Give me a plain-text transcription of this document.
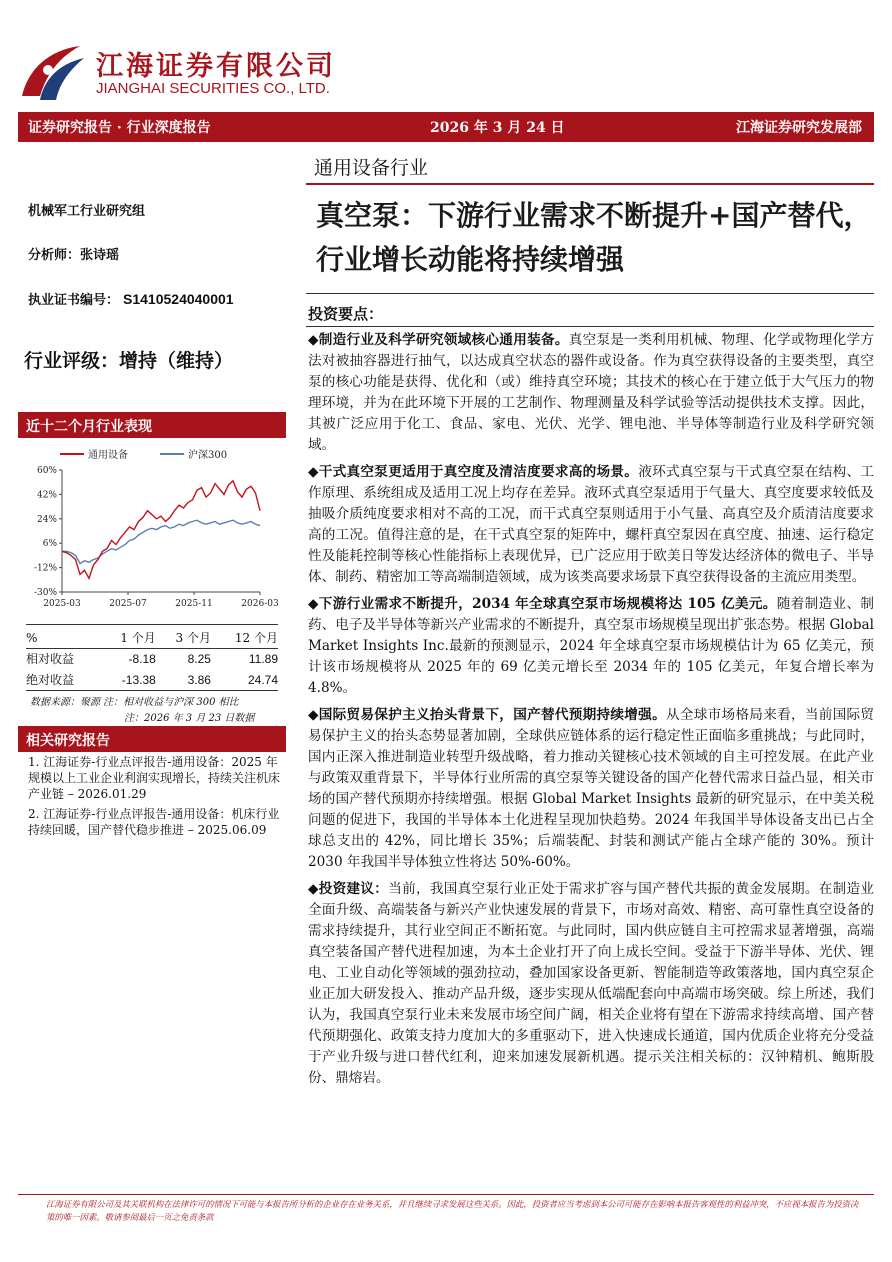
江海证券有限公司
JIANGHAI SECURITIES CO., LTD.
证券研究报告 · 行业深度报告	2026 年 3 月 24 日	江海证券研究发展部
通用设备行业
机械军工行业研究组
分析师：张诗瑶
执业证书编号： S1410524040001
行业评级：增持（维持）
真空泵：下游行业需求不断提升+国产替代，行业增长动能将持续增强
近十二个月行业表现
60%
42%
24%
6%
-12%
-30%
2025-03	2025-07	2025-11	2026-03
通用设备	沪深300
%	1 个月	3 个月	12 个月
相对收益	-8.18	8.25	11.89
绝对收益	-13.38	3.86	24.74
数据来源：聚源 注：相对收益与沪深 300 相比
注：2026 年 3 月 23 日数据
相关研究报告
1. 江海证券-行业点评报告-通用设备：2025 年规模以上工业企业利润实现增长，持续关注机床产业链 – 2026.01.29
2. 江海证券-行业点评报告-通用设备：机床行业持续回暖，国产替代稳步推进 – 2025.06.09
投资要点：

◆制造行业及科学研究领域核心通用装备。真空泵是一类利用机械、物理、化学或物理化学方法对被抽容器进行抽气，以达成真空状态的器件或设备。作为真空获得设备的主要类型，真空泵的核心功能是获得、优化和（或）维持真空环境；其技术的核心在于建立低于大气压力的物理环境，并为在此环境下开展的工艺制作、物理测量及科学试验等活动提供技术支撑。因此，其被广泛应用于化工、食品、家电、光伏、光学、锂电池、半导体等制造行业及科学研究领域。

◆干式真空泵更适用于真空度及清洁度要求高的场景。液环式真空泵与干式真空泵在结构、工作原理、系统组成及适用工况上均存在差异。液环式真空泵适用于气量大、真空度要求较低及抽吸介质纯度要求相对不高的工况，而干式真空泵则适用于小气量、高真空及介质清洁度要求高的工况。值得注意的是，在干式真空泵的矩阵中，螺杆真空泵因在真空度、抽速、运行稳定性及能耗控制等核心性能指标上表现优异，已广泛应用于欧美日等发达经济体的微电子、半导体、制药、精密加工等高端制造领域，成为该类高要求场景下真空获得设备的主流应用类型。

◆下游行业需求不断提升，2034 年全球真空泵市场规模将达 105 亿美元。随着制造业、制药、电子及半导体等新兴产业需求的不断提升，真空泵市场规模呈现出扩张态势。根据 Global Market Insights Inc.最新的预测显示，2024 年全球真空泵市场规模估计为 65 亿美元，预计该市场规模将从 2025 年的 69 亿美元增长至 2034 年的 105 亿美元，年复合增长率为 4.8%。

◆国际贸易保护主义抬头背景下，国产替代预期持续增强。从全球市场格局来看，当前国际贸易保护主义的抬头态势显著加剧，全球供应链体系的运行稳定性正面临多重挑战；与此同时，国内正深入推进制造业转型升级战略，着力推动关键核心技术领域的自主可控发展。在此产业与政策双重背景下，半导体行业所需的真空泵等关键设备的国产化替代需求日益凸显，相关市场的国产替代预期亦持续增强。根据 Global Market Insights 最新的研究显示，在中美关税问题的促进下，我国的半导体本土化进程呈现加快趋势。2024 年我国半导体设备支出已占全球总支出的 42%，同比增长 35%；后端装配、封装和测试产能占全球产能的 30%。预计 2030 年我国半导体独立性将达 50%-60%。

◆投资建议：当前，我国真空泵行业正处于需求扩容与国产替代共振的黄金发展期。在制造业全面升级、高端装备与新兴产业快速发展的背景下，市场对高效、精密、高可靠性真空设备的需求持续提升，其行业空间正不断拓宽。与此同时，国内供应链自主可控需求显著增强，高端真空装备国产替代进程加速，为本土企业打开了向上成长空间。受益于下游半导体、光伏、锂电、工业自动化等领域的强劲拉动，叠加国家设备更新、智能制造等政策落地，国内真空泵企业正加大研发投入、推动产品升级，逐步实现从低端配套向中高端市场突破。综上所述，我们认为，我国真空泵行业未来发展市场空间广阔，相关企业将有望在下游需求持续高增、国产替代预期强化、政策支持力度加大的多重驱动下，进入快速成长通道，国内优质企业将充分受益于产业升级与进口替代红利，迎来加速发展新机遇。提示关注相关标的：汉钟精机、鲍斯股份、鼎熔岩。

江海证券有限公司及其关联机构在法律许可的情况下可能与本报告所分析的企业存在业务关系，并且继续寻求发展这些关系。因此，投资者应当考虑到本公司可能存在影响本报告客观性的利益冲突，不应视本报告为投资决策的唯一因素。敬请参阅最后一页之免责条款
